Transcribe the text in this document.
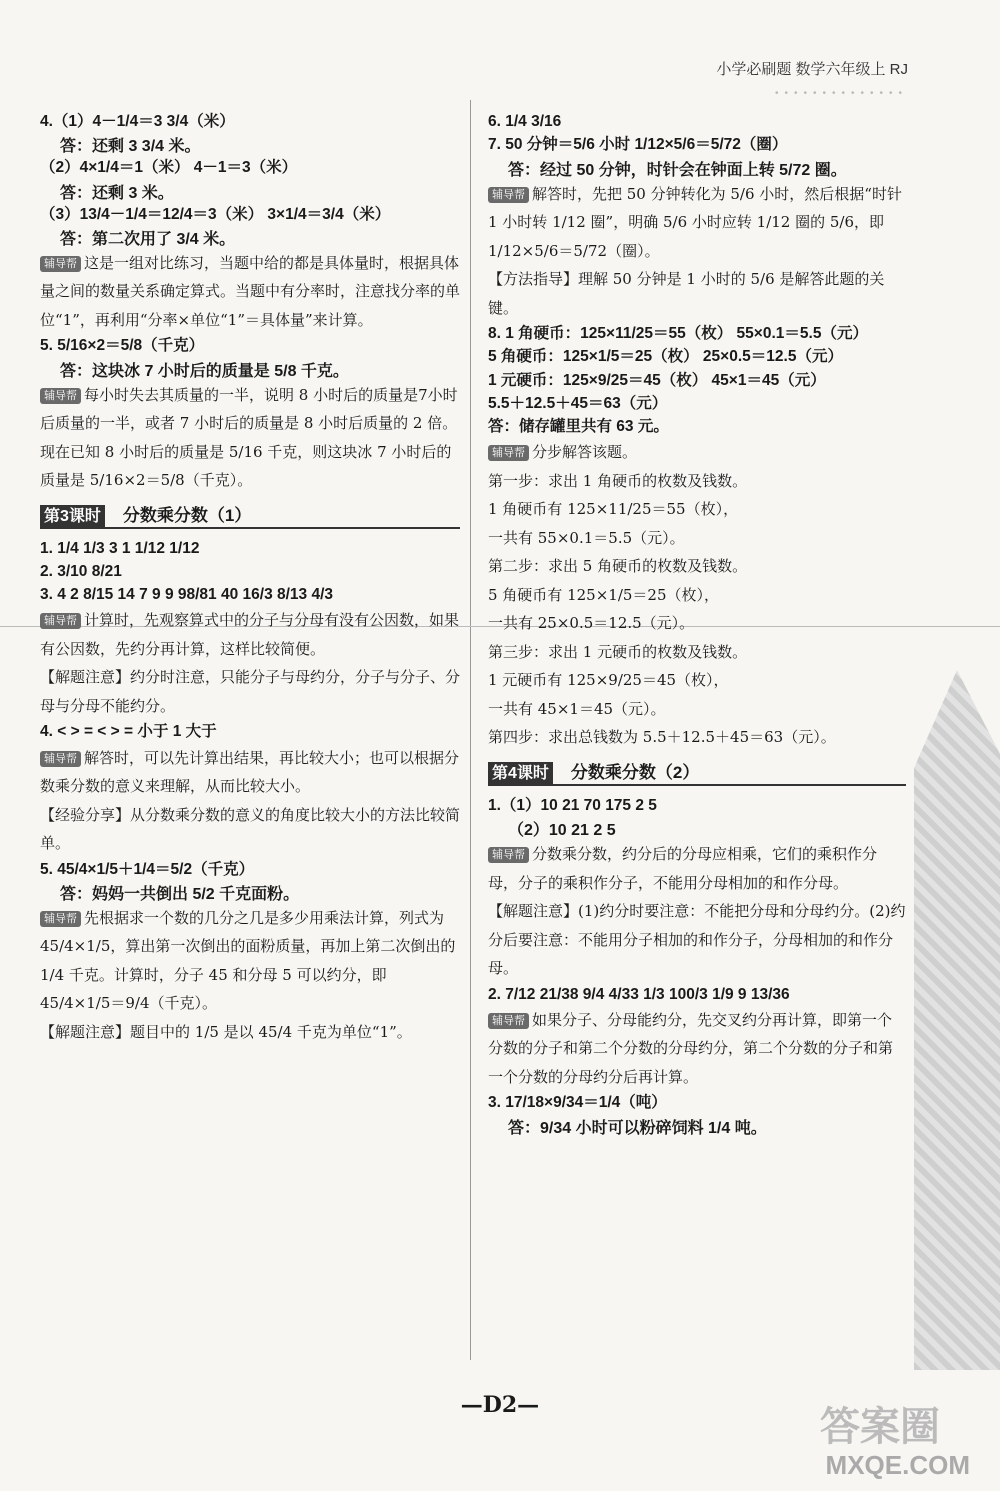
小学必刷题 数学六年级上 RJ
••••••••••••••
4.（1）4－1/4＝3 3/4（米）
答：还剩 3 3/4 米。
（2）4×1/4＝1（米） 4－1＝3（米）
答：还剩 3 米。
（3）13/4－1/4＝12/4＝3（米） 3×1/4＝3/4（米）
答：第二次用了 3/4 米。
辅导帮 这是一组对比练习，当题中给的都是具体量时，根据具体量之间的数量关系确定算式。当题中有分率时，注意找分率的单位“1”，再利用“分率×单位“1”＝具体量”来计算。
5. 5/16×2＝5/8（千克）
答：这块冰 7 小时后的质量是 5/8 千克。
辅导帮 每小时失去其质量的一半，说明 8 小时后的质量是7小时后质量的一半，或者 7 小时后的质量是 8 小时后质量的 2 倍。现在已知 8 小时后的质量是 5/16 千克，则这块冰 7 小时后的质量是 5/16×2＝5/8（千克）。
第3课时 分数乘分数（1）
1. 1/4 1/3 3 1 1/12 1/12
2. 3/10 8/21
3. 4 2 8/15 14 7 9 9 98/81 40 16/3 8/13 4/3
辅导帮 计算时，先观察算式中的分子与分母有没有公因数，如果有公因数，先约分再计算，这样比较简便。
【解题注意】约分时注意，只能分子与母约分，分子与分子、分母与分母不能约分。
4. < > = < > = 小于 1 大于
辅导帮 解答时，可以先计算出结果，再比较大小；也可以根据分数乘分数的意义来理解，从而比较大小。
【经验分享】从分数乘分数的意义的角度比较大小的方法比较简单。
5. 45/4×1/5＋1/4＝5/2（千克）
答：妈妈一共倒出 5/2 千克面粉。
辅导帮 先根据求一个数的几分之几是多少用乘法计算，列式为 45/4×1/5，算出第一次倒出的面粉质量，再加上第二次倒出的 1/4 千克。计算时，分子 45 和分母 5 可以约分，即 45/4×1/5＝9/4（千克）。
【解题注意】题目中的 1/5 是以 45/4 千克为单位“1”。
6. 1/4 3/16
7. 50 分钟＝5/6 小时 1/12×5/6＝5/72（圈）
答：经过 50 分钟，时针会在钟面上转 5/72 圈。
辅导帮 解答时，先把 50 分钟转化为 5/6 小时，然后根据“时针 1 小时转 1/12 圈”，明确 5/6 小时应转 1/12 圈的 5/6，即 1/12×5/6＝5/72（圈）。
【方法指导】理解 50 分钟是 1 小时的 5/6 是解答此题的关键。
8. 1 角硬币：125×11/25＝55（枚） 55×0.1＝5.5（元）
5 角硬币：125×1/5＝25（枚） 25×0.5＝12.5（元）
1 元硬币：125×9/25＝45（枚） 45×1＝45（元）
5.5＋12.5＋45＝63（元）
答：储存罐里共有 63 元。
辅导帮 分步解答该题。
第一步：求出 1 角硬币的枚数及钱数。
1 角硬币有 125×11/25＝55（枚），
一共有 55×0.1＝5.5（元）。
第二步：求出 5 角硬币的枚数及钱数。
5 角硬币有 125×1/5＝25（枚），
一共有 25×0.5＝12.5（元）。
第三步：求出 1 元硬币的枚数及钱数。
1 元硬币有 125×9/25＝45（枚），
一共有 45×1＝45（元）。
第四步：求出总钱数为 5.5＋12.5＋45＝63（元）。
第4课时 分数乘分数（2）
1.（1）10 21 70 175 2 5
（2）10 21 2 5
辅导帮 分数乘分数，约分后的分母应相乘，它们的乘积作分母，分子的乘积作分子，不能用分母相加的和作分母。
【解题注意】(1)约分时要注意：不能把分母和分母约分。(2)约分后要注意：不能用分子相加的和作分子，分母相加的和作分母。
2. 7/12 21/38 9/4 4/33 1/3 100/3 1/9 9 13/36
辅导帮 如果分子、分母能约分，先交叉约分再计算，即第一个分数的分子和第二个分数的分母约分，第二个分数的分子和第一个分数的分母约分后再计算。
3. 17/18×9/34＝1/4（吨）
答：9/34 小时可以粉碎饲料 1/4 吨。
—D2—	答案圈
MXQE.COM
